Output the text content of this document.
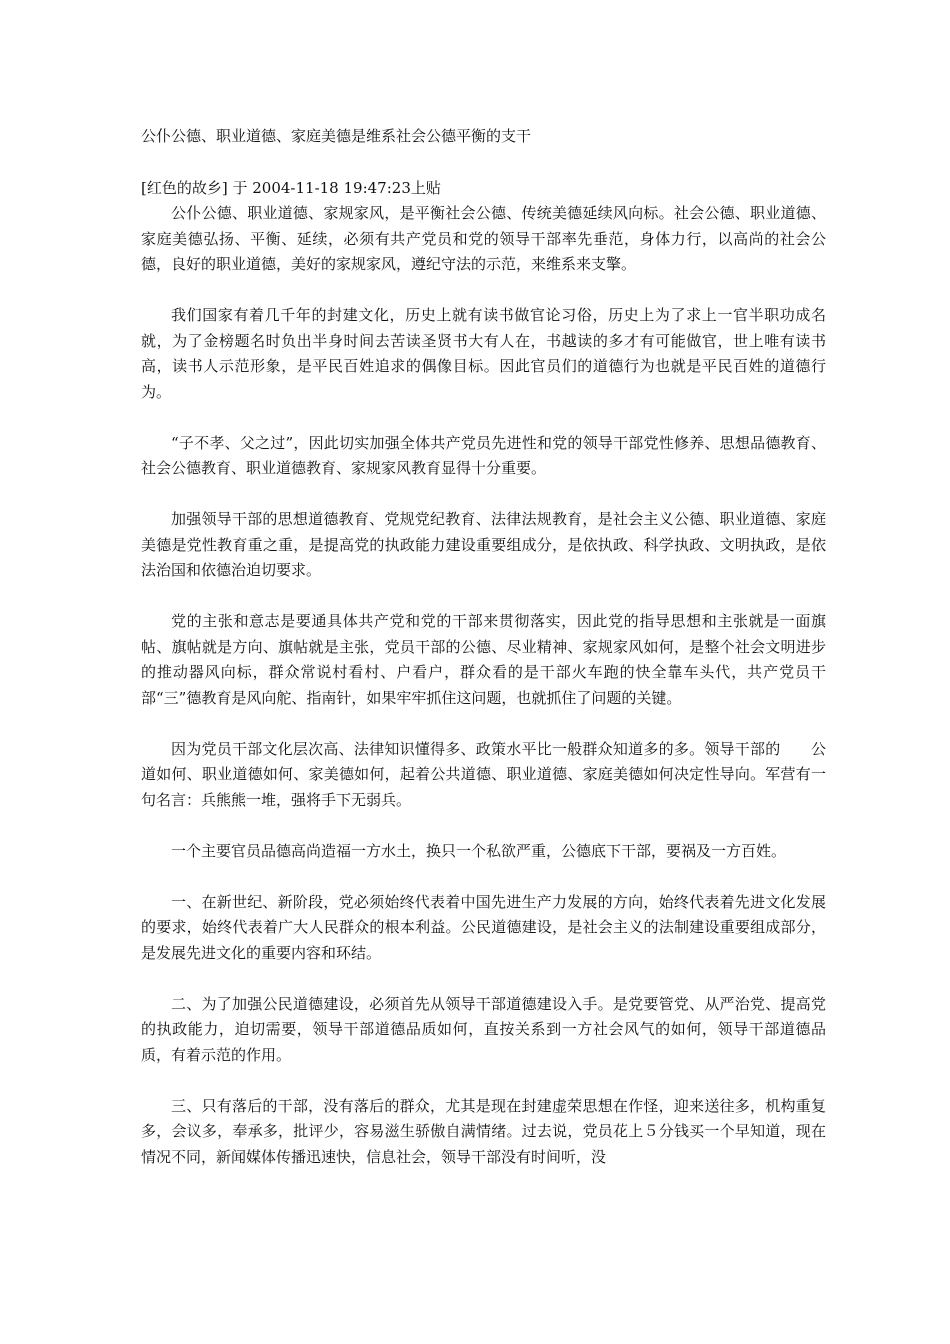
公仆公德、职业道德、家庭美德是维系社会公德平衡的支干

[红色的故乡] 于 2004-11-18 19:47:23上贴

公仆公德、职业道德、家规家风，是平衡社会公德、传统美德延续风向标。社会公德、职业道德、家庭美德弘扬、平衡、延续，必须有共产党员和党的领导干部率先垂范，身体力行，以高尚的社会公德，良好的职业道德，美好的家规家风，遵纪守法的示范，来维系来支擎。

我们国家有着几千年的封建文化，历史上就有读书做官论习俗，历史上为了求上一官半职功成名就，为了金榜题名时负出半身时间去苦读圣贤书大有人在，书越读的多才有可能做官，世上唯有读书高，读书人示范形象，是平民百姓追求的偶像目标。因此官员们的道德行为也就是平民百姓的道德行为。

“子不孝、父之过”，因此切实加强全体共产党员先进性和党的领导干部党性修养、思想品德教育、社会公德教育、职业道德教育、家规家风教育显得十分重要。

加强领导干部的思想道德教育、党规党纪教育、法律法规教育，是社会主义公德、职业道德、家庭美德是党性教育重之重，是提高党的执政能力建设重要组成分，是依执政、科学执政、文明执政，是依法治国和依德治迫切要求。

党的主张和意志是要通具体共产党和党的干部来贯彻落实，因此党的指导思想和主张就是一面旗帖、旗帖就是方向、旗帖就是主张，党员干部的公德、尽业精神、家规家风如何，是整个社会文明进步的推动器风向标，群众常说村看村、户看户，群众看的是干部火车跑的快全靠车头代，共产党员干部“三”德教育是风向舵、指南针，如果牢牢抓住这问题，也就抓住了问题的关键。

因为党员干部文化层次高、法律知识懂得多、政策水平比一般群众知道多的多。领导干部的　　公道如何、职业道德如何、家美德如何，起着公共道德、职业道德、家庭美德如何决定性导向。军营有一句名言：兵熊熊一堆，强将手下无弱兵。

一个主要官员品德高尚造福一方水土，换只一个私欲严重，公德底下干部，要祸及一方百姓。

一、在新世纪、新阶段，党必须始终代表着中国先进生产力发展的方向，始终代表着先进文化发展的要求，始终代表着广大人民群众的根本利益。公民道德建设，是社会主义的法制建设重要组成部分，是发展先进文化的重要内容和环结。

二、为了加强公民道德建设，必须首先从领导干部道德建设入手。是党要管党、从严治党、提高党的执政能力，迫切需要，领导干部道德品质如何，直按关系到一方社会风气的如何，领导干部道德品质，有着示范的作用。

三、只有落后的干部，没有落后的群众，尤其是现在封建虚荣思想在作怪，迎来送往多，机构重复多，会议多，奉承多，批评少，容易滋生骄傲自满情绪。过去说，党员花上５分钱买一个早知道，现在情况不同，新闻媒体传播迅速快，信息社会，领导干部没有时间听，没
